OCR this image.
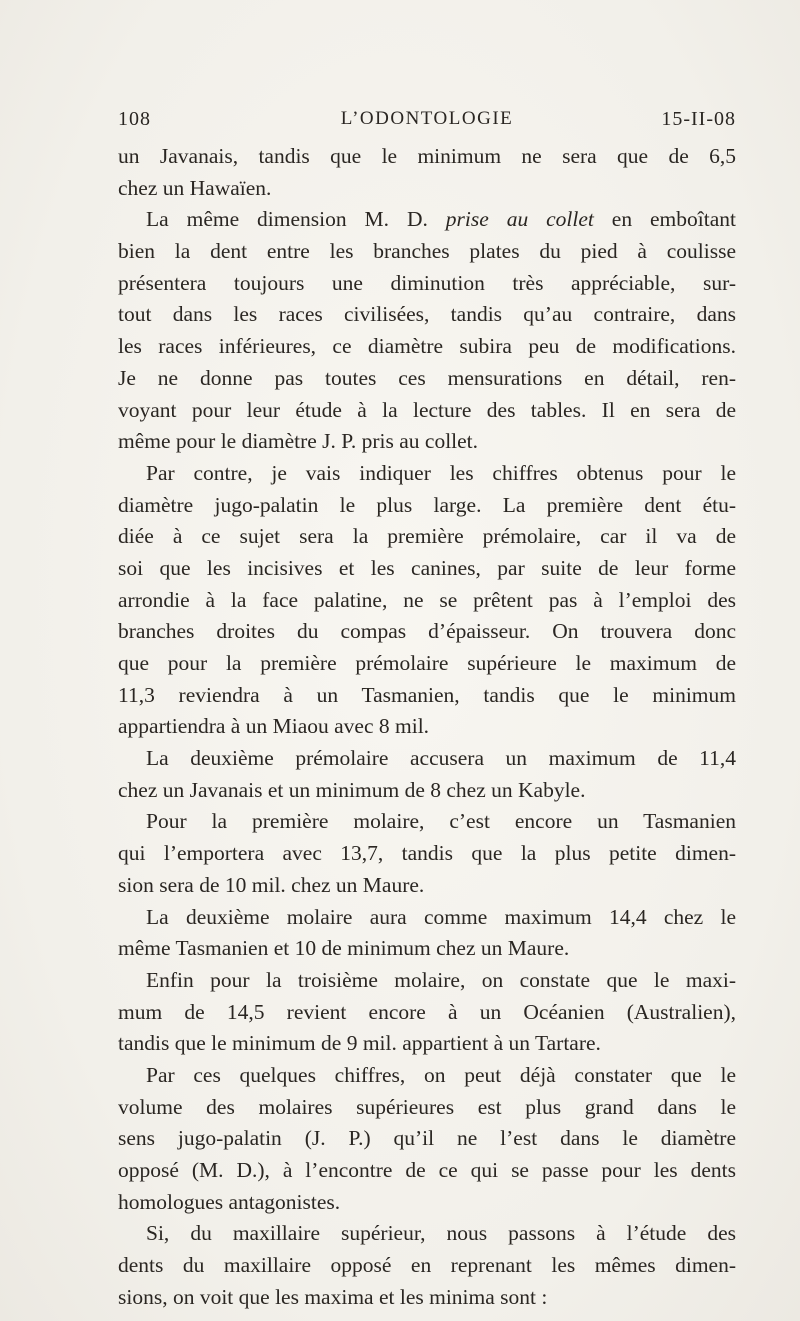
108	L’ODONTOLOGIE	15-II-08
un Javanais, tandis que le minimum ne sera que de 6,5
chez un Hawaïen.
La même dimension M. D. prise au collet en emboîtant
bien la dent entre les branches plates du pied à coulisse
présentera toujours une diminution très appréciable, sur-
tout dans les races civilisées, tandis qu’au contraire, dans
les races inférieures, ce diamètre subira peu de modifications.
Je ne donne pas toutes ces mensurations en détail, ren-
voyant pour leur étude à la lecture des tables. Il en sera de
même pour le diamètre J. P. pris au collet.
Par contre, je vais indiquer les chiffres obtenus pour le
diamètre jugo-palatin le plus large. La première dent étu-
diée à ce sujet sera la première prémolaire, car il va de
soi que les incisives et les canines, par suite de leur forme
arrondie à la face palatine, ne se prêtent pas à l’emploi des
branches droites du compas d’épaisseur. On trouvera donc
que pour la première prémolaire supérieure le maximum de
11,3 reviendra à un Tasmanien, tandis que le minimum
appartiendra à un Miaou avec 8 mil.
La deuxième prémolaire accusera un maximum de 11,4
chez un Javanais et un minimum de 8 chez un Kabyle.
Pour la première molaire, c’est encore un Tasmanien
qui l’emportera avec 13,7, tandis que la plus petite dimen-
sion sera de 10 mil. chez un Maure.
La deuxième molaire aura comme maximum 14,4 chez le
même Tasmanien et 10 de minimum chez un Maure.
Enfin pour la troisième molaire, on constate que le maxi-
mum de 14,5 revient encore à un Océanien (Australien),
tandis que le minimum de 9 mil. appartient à un Tartare.
Par ces quelques chiffres, on peut déjà constater que le
volume des molaires supérieures est plus grand dans le
sens jugo-palatin (J. P.) qu’il ne l’est dans le diamètre
opposé (M. D.), à l’encontre de ce qui se passe pour les dents
homologues antagonistes.
Si, du maxillaire supérieur, nous passons à l’étude des
dents du maxillaire opposé en reprenant les mêmes dimen-
sions, on voit que les maxima et les minima sont :
